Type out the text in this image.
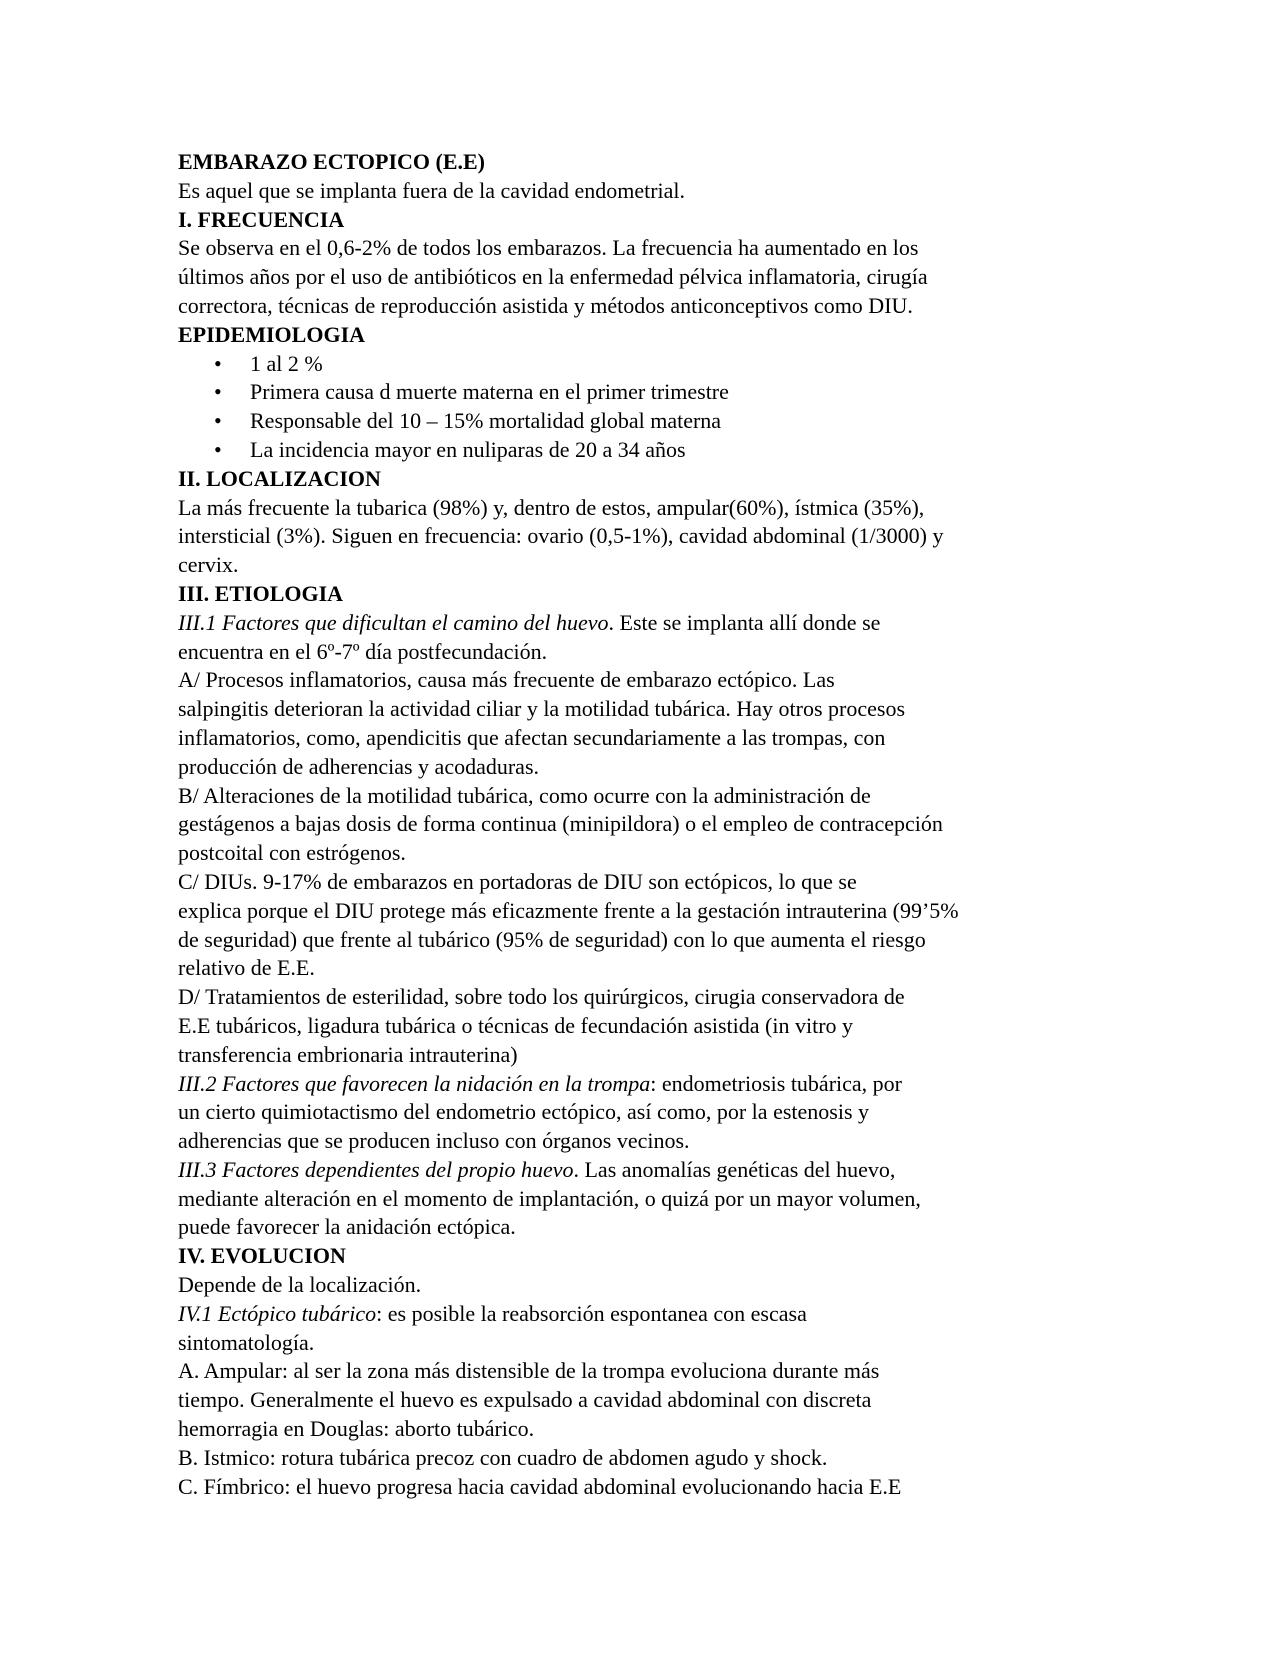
EMBARAZO ECTOPICO (E.E)
Es aquel que se implanta fuera de la cavidad endometrial.
I. FRECUENCIA
Se observa en el 0,6-2% de todos los embarazos. La frecuencia ha aumentado en los
últimos años por el uso de antibióticos en la enfermedad pélvica inflamatoria, cirugía
correctora, técnicas de reproducción asistida y métodos anticonceptivos como DIU.
EPIDEMIOLOGIA
• 1 al 2 %
• Primera causa d muerte materna en el primer trimestre
• Responsable del 10 – 15% mortalidad global materna
• La incidencia mayor en nuliparas de 20 a 34 años
II. LOCALIZACION
La más frecuente la tubarica (98%) y, dentro de estos, ampular(60%), ístmica (35%),
intersticial (3%). Siguen en frecuencia: ovario (0,5-1%), cavidad abdominal (1/3000) y
cervix.
III. ETIOLOGIA
III.1 Factores que dificultan el camino del huevo. Este se implanta allí donde se
encuentra en el 6º-7º día postfecundación.
A/ Procesos inflamatorios, causa más frecuente de embarazo ectópico. Las
salpingitis deterioran la actividad ciliar y la motilidad tubárica. Hay otros procesos
inflamatorios, como, apendicitis que afectan secundariamente a las trompas, con
producción de adherencias y acodaduras.
B/ Alteraciones de la motilidad tubárica, como ocurre con la administración de
gestágenos a bajas dosis de forma continua (minipildora) o el empleo de contracepción
postcoital con estrógenos.
C/ DIUs. 9-17% de embarazos en portadoras de DIU son ectópicos, lo que se
explica porque el DIU protege más eficazmente frente a la gestación intrauterina (99’5%
de seguridad) que frente al tubárico (95% de seguridad) con lo que aumenta el riesgo
relativo de E.E.
D/ Tratamientos de esterilidad, sobre todo los quirúrgicos, cirugia conservadora de
E.E tubáricos, ligadura tubárica o técnicas de fecundación asistida (in vitro y
transferencia embrionaria intrauterina)
III.2 Factores que favorecen la nidación en la trompa: endometriosis tubárica, por
un cierto quimiotactismo del endometrio ectópico, así como, por la estenosis y
adherencias que se producen incluso con órganos vecinos.
III.3 Factores dependientes del propio huevo. Las anomalías genéticas del huevo,
mediante alteración en el momento de implantación, o quizá por un mayor volumen,
puede favorecer la anidación ectópica.
IV. EVOLUCION
Depende de la localización.
IV.1 Ectópico tubárico: es posible la reabsorción espontanea con escasa
sintomatología.
A. Ampular: al ser la zona más distensible de la trompa evoluciona durante más
tiempo. Generalmente el huevo es expulsado a cavidad abdominal con discreta
hemorragia en Douglas: aborto tubárico.
B. Istmico: rotura tubárica precoz con cuadro de abdomen agudo y shock.
C. Fímbrico: el huevo progresa hacia cavidad abdominal evolucionando hacia E.E
